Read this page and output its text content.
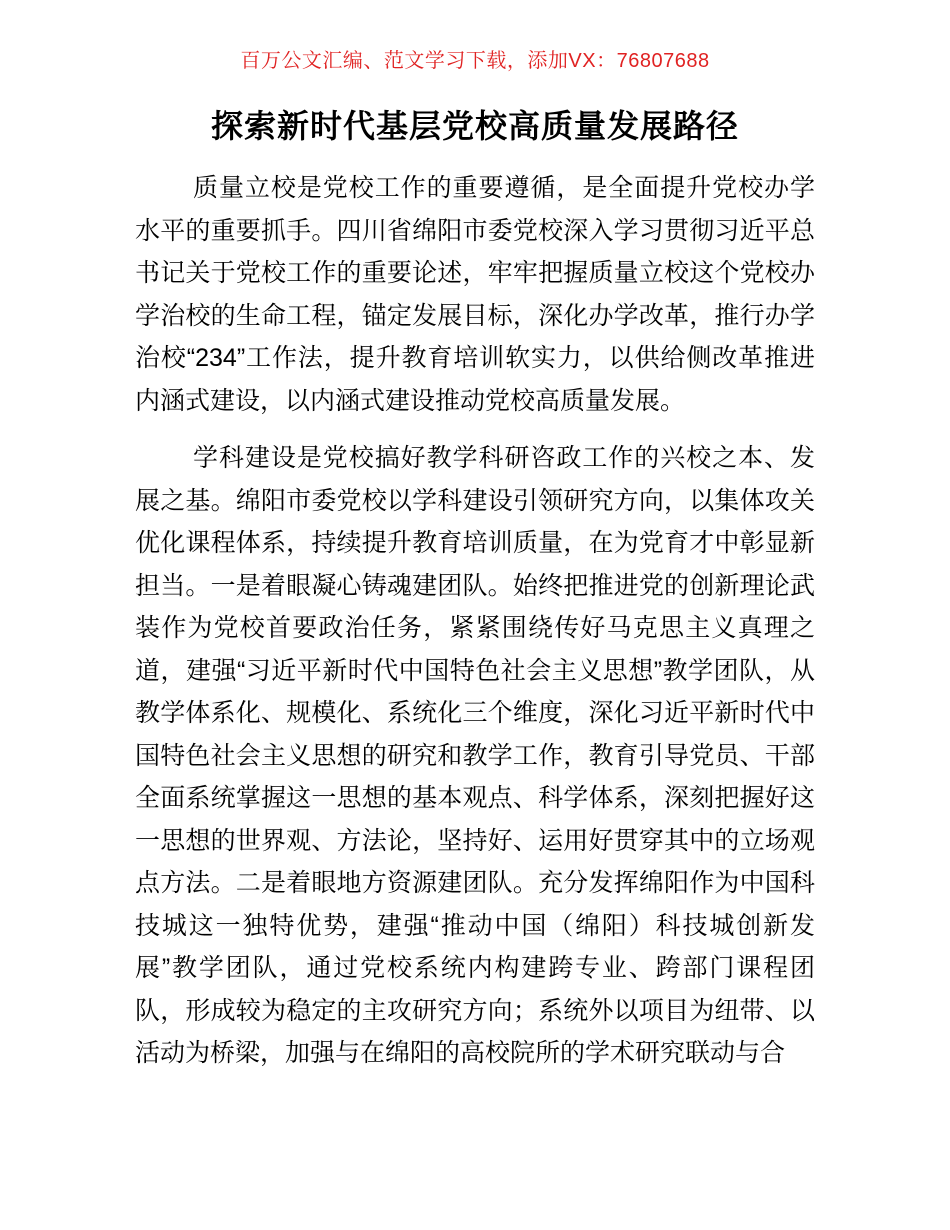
百万公文汇编、范文学习下载，添加VX：76807688
探索新时代基层党校高质量发展路径

质量立校是党校工作的重要遵循，是全面提升党校办学水平的重要抓手。四川省绵阳市委党校深入学习贯彻习近平总书记关于党校工作的重要论述，牢牢把握质量立校这个党校办学治校的生命工程，锚定发展目标，深化办学改革，推行办学治校“234”工作法，提升教育培训软实力，以供给侧改革推进内涵式建设，以内涵式建设推动党校高质量发展。

学科建设是党校搞好教学科研咨政工作的兴校之本、发展之基。绵阳市委党校以学科建设引领研究方向，以集体攻关优化课程体系，持续提升教育培训质量，在为党育才中彰显新担当。一是着眼凝心铸魂建团队。始终把推进党的创新理论武装作为党校首要政治任务，紧紧围绕传好马克思主义真理之道，建强“习近平新时代中国特色社会主义思想”教学团队，从教学体系化、规模化、系统化三个维度，深化习近平新时代中国特色社会主义思想的研究和教学工作，教育引导党员、干部全面系统掌握这一思想的基本观点、科学体系，深刻把握好这一思想的世界观、方法论，坚持好、运用好贯穿其中的立场观点方法。二是着眼地方资源建团队。充分发挥绵阳作为中国科技城这一独特优势，建强“推动中国（绵阳）科技城创新发展”教学团队，通过党校系统内构建跨专业、跨部门课程团队，形成较为稳定的主攻研究方向；系统外以项目为纽带、以活动为桥梁，加强与在绵阳的高校院所的学术研究联动与合
